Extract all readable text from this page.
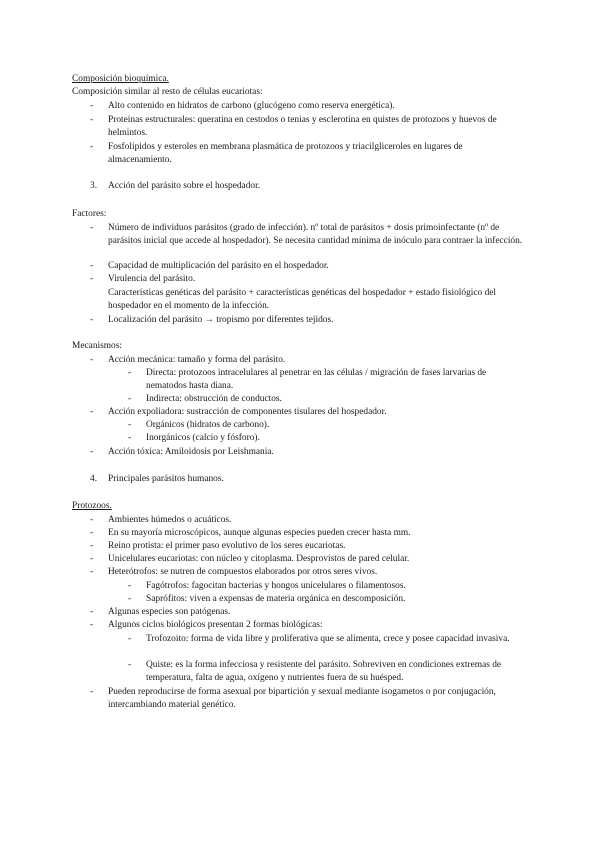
Composición bioquímica.
Composición similar al resto de células eucariotas:
- Alto contenido en hidratos de carbono (glucógeno como reserva energética).
- Proteínas estructurales: queratina en cestodos o tenias y esclerotina en quistes de protozoos y huevos de helmintos.
- Fosfolípidos y esteroles en membrana plasmática de protozoos y triacilgliceroles en lugares de almacenamiento.
3. Acción del parásito sobre el hospedador.
Factores:
- Número de individuos parásitos (grado de infección). nº total de parásitos + dosis primoinfectante (nº de parásitos inicial que accede al hospedador). Se necesita cantidad mínima de inóculo para contraer la infección.
- Capacidad de multiplicación del parásito en el hospedador.
- Virulencia del parásito.
Características genéticas del parásito + características genéticas del hospedador + estado fisiológico del hospedador en el momento de la infección.
- Localización del parásito → tropismo por diferentes tejidos.
Mecanismos:
- Acción mecánica: tamaño y forma del parásito.
- Directa: protozoos intracelulares al penetrar en las células / migración de fases larvarias de nematodos hasta diana.
- Indirecta: obstrucción de conductos.
- Acción expoliadora: sustracción de componentes tisulares del hospedador.
- Orgánicos (hidratos de carbono).
- Inorgánicos (calcio y fósforo).
- Acción tóxica: Amiloidosis por Leishmania.
4. Principales parásitos humanos.
Protozoos.
- Ambientes húmedos o acuáticos.
- En su mayoría microscópicos, aunque algunas especies pueden crecer hasta mm.
- Reino protista: el primer paso evolutivo de los seres eucariotas.
- Unicelulares eucariotas: con núcleo y citoplasma. Desprovistos de pared celular.
- Heterótrofos: se nutren de compuestos elaborados por otros seres vivos.
- Fagótrofos: fagocitan bacterias y hongos unicelulares o filamentosos.
- Saprófitos: viven a expensas de materia orgánica en descomposición.
- Algunas especies son patógenas.
- Algunos ciclos biológicos presentan 2 formas biológicas:
- Trofozoito: forma de vida libre y proliferativa que se alimenta, crece y posee capacidad invasiva.
- Quiste: es la forma infecciosa y resistente del parásito. Sobreviven en condiciones extremas de temperatura, falta de agua, oxígeno y nutrientes fuera de su huésped.
- Pueden reproducirse de forma asexual por bipartición y sexual mediante isogametos o por conjugación, intercambiando material genético.
